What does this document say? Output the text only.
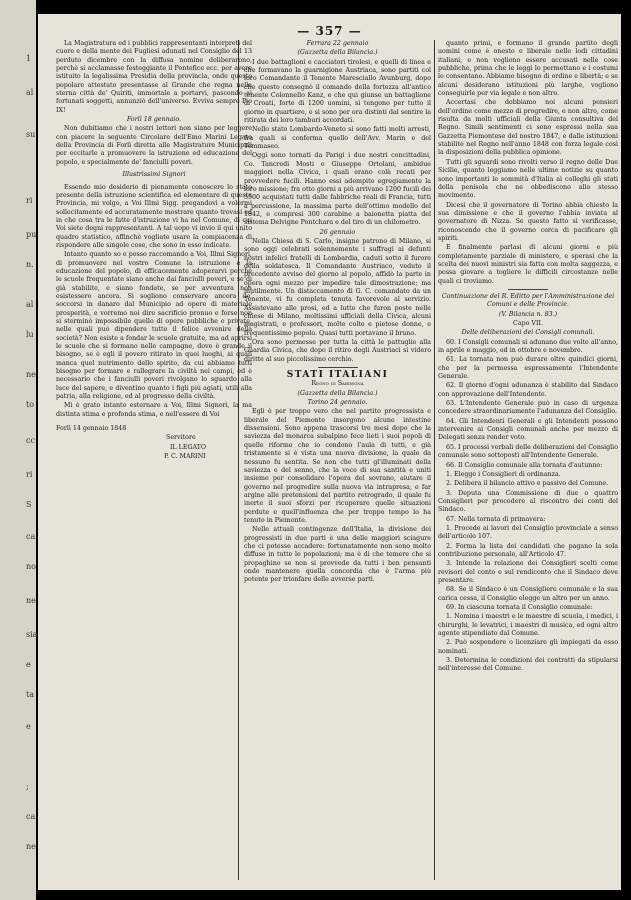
1
al
su
ri
pu
n.
al
lu
ne
to
cc
ri
S
ca
no
ne
sia
e
ta
e
;
ca
ne
— 357 —

La Magistratura ed i pubblici rappresentanti interpreti del cuore e della mente dei Fugliesi adunati nel Consiglio del 13 perduto dicembre con la diffusa nomine deliberarono, perchè si acclamasse festeggiante il Pontefice ecc. per avere istituito la legalissima Presidia della provincia, onde questo popolare attestato presentasse al Grande che regna nella sterna città de' Quiriti, immortale a portarvi, pascendo ai fortunati soggetti, annunziò dell'universo. Evviva sempre Pio IX!

Forlì 18 gennaio.

Non dubitiamo che i nostri lettori non siano per leggere con piacere la seguente Circolare dell'Emo Marini Legato della Provincia di Forlì diretta alle Magistrature Municipali per eccitarle a promuovere la istruzione ed educazione del popolo, e specialmente de' fanciulli poveri.

Illustrissimi Signori

Essendo mio desiderio di pienamente conoscere lo stato presente della istruzione scientifica ed elementare di questa Provincia, mi volgo, a Voi Illmi Sigg. pregandovi a volermi sollecitamente ed accuratamente mostrare quanto trovasi ed in che cosa tra le fatte d'istruzione vi ha nel Comune, di cui Voi siete degni rappresentanti. A tal uopo vi invio il qui unito quadro statistico, affinchè vogliate usare la compiacenza di rispondere alle singole cose, che sono in esso indicate.

Intanto quanto so e posso raccomando a Voi, Illmi Signori, di promuovere nel vostro Comune la istruzione e la educazione del popolo, di efficacemente adoperarvi perchè le scuole frequentate siano anche dai fanciulli poveri, e se di già stabilite, e siano fondate, se per avventura non esistessero ancora. Si sogliono conservare ancora de' soccorsi in danaro dal Municipio ad opere di materiale prosperità, e vorremo noi dire sacrificio pronuo e forse non si sterminò impossibile quello di opere pubbliche e private, nelle quali può dipendere tutto il felice avvenire della società? Non esiste a fondar le scuole gratuite, ma ad aprirsi le scuole che si formano nelle campagne, dove è grande il bisogno, se è egli il povero ritirato in quei luoghi, ai quali manca quel nutrimento dello spirito, da cui abbiamo tutti bisogno per formare e rallegrare la civiltà nei campi, ed è necessario che i fanciulli poveri rivolgano lo sguardo alla luce del sapere, e diventino quanto i figli più agiati, utili alla patria, alla religione, ed al progresso della civiltà.

Mi è grato intanto esternare a Voi, Illmi Signori, la ma distinta stima e profonda stima, e nell'essere di Voi

Forlì 14 gennaio 1848

Servitore

IL LEGATO

P. C. MARINI

Ferrara 22 gennaio

(Gazzetta della Bilancia.)

I due battaglioni e cacciatori tirolesi, e quelli di linea e che formavano la guarnigione Austriaca, sono partiti col loro Comandante il Tenente Maresciallo Avunburg, dopo che questo consegnò il comando della fortezza all'antico tenente Colonnello Kanz, e che qui giunse un battaglione di Croati, forte di 1200 uomini, si tengono per tutto il giorno in quartiere, e si sono per ora distinti dal sentire la ritirata dei loro tamburi accordati.

Nello stato Lombardo-Veneto si sono fatti molti arresti, fra quali si conferma quello dell'Avv. Marin e del Tommaseo.

Oggi sono tornati da Parigi i due nostri concittadini, Co. Tancredi Mosti e Giuseppe Ortolani, ambidue maggiori nella Civica, i quali erano colà recati per provvedere fucili. Hanno essi adempito egregiamente la loro missione; fra otto giorni a più arrivano 1200 fucili dei 3500 acquistati tutti dalle fabbriche reali di Francia, tutti a percussione, la massima parte dell'ottimo modello del 1842, e compresi 300 carabine a baionetta piatta del sistema Delvigne Pontchara e del tiro di un chilometro.

26 gennaio

Nella Chiesa di S. Carlo, insigne patrono di Milano, si sono oggi celebrati solennemente i suffragi ai defunti nostri infelici fratelli di Lombardia, caduti sotto il furore della soldatesca. Il Comandante Austriaco, veduto il precedente avviso del giorno al popolo, affidò la parte in opera ogni mezzo per impedire tale dimostrazione; ma inutilmente. Un distaccamento di G. C. comandato da un Tenente, vi fu completa tenuta favorevole al servizio. Assistevano alle prosi, ed a lutto che furon poste nelle chiese di Milano, moltissimi ufficiali della Civica, alcuni magistrati, e professori, molte colte e pietose donne, e frequentissimo popolo. Quasi tutti portavano il bruno.

Ora sono permesse per tutta la città le pattuglie alla Guardia Civica, che dopo il ritiro degli Austriaci si videro diritte al suo piccolissimo cerchio.

STATI ITALIANI

Regno di Sardegna

(Gazzetta della Bilancia.)

Torino 24 gennaio.

Egli è per troppo vero che nel partito progressista e liberale del Piemonte insorgono alcune intestine dissensioni. Sono appena trascorsi tre mesi dopo che la saviezza del monarca subalpino fece lieti i suoi popoli di quelle riforme che io condono l'aula di tutti, e già tristamente si è vista una nuova divisione, la quale da nessuno fu sentita. Se non che tutti gl'illuminati della saviezza e del senno, che la voce di sua santità e uniti insieme per consolidare l'opera del sovrano, aiutare il governo nel progredire sulla nuova via intrapresa, e far argine alle pretensioni del partito retrogrado, il quale fu inerte il suoi sforzi per ricuperare quelle situazioni perdute e quell'influenza che per troppo tempo lo ha tenuto in Piemonte.

Nelle attuali contingenze dell'Italia, la divisione dei progressisti in due parti è una delle maggiori sciagure che ci potesse accadere: fortunatamente non sono molto diffuse in tutte le popolazioni; ma è di che temere che si propaghino se non si provvede da tutti i ben pensanti onde mantenere quella concordia che è l'arma più potente per trionfare delle avverse parti.

quanto primi, e formano il grande partito degli uomini come è onesto e liberale nelle lodi cittadini italiani, e non vogliono essere accusati nelle cose pubbliche, prima che le leggi lo permettano e i costumi lo consentano. Abbiamo bisogno di ordine e libertà; e se alcuni desiderano istituzioni più larghe, vogliono conseguirle per via legale e non altro.

Accertasi che dobbiamo noi alcuni pensieri dell'ordine come mezzo di progredire, e non altro, come risulta da molti ufficiali della Giunta consultiva del Regno. Simili sentimenti ci sono espressi nella sua Gazzetta Piemontese del nostro 1847, e dalle istituzioni stabilite nel Regno nell'anno 1848 con forza legale così la disposizioni della pubblica opinione.

Tutti gli sguardi sono rivolti verso il regno delle Due Sicilie, quanto leggiamo nelle ultime notizie su quanto sono importanti le sommità d'Italia ai colleghi gli stati della penisola che ne obbediscono allo stesso movimento.

Dicesi che il governatore di Torino abbia chiesto la sua dimissione e che il governo l'abbia inviata al governatore di Nizza. Se questo fatto si verificasse, riconoscendo che il governo cerca di pacificare gli spiriti.

E finalmente parlasi di alcuni giorni e più completamente parziale di ministero, e sperasi che la scelta dei nuovi ministri sia fatta con molta saggezza, e possa giovare a togliere le difficili circostanze nelle quali ci troviamo.

Continuazione del R. Editto per l'Amministrazione dei Comuni e delle Provincie.

(V. Bilancia n. 83.)

Capo VII.

Delle deliberazioni dei Consigli comunali.

60. I Consigli comunali si adunano due volte all'anno, in aprile e maggio, ed in ottobre e novembre.

61. La tornata non può durare oltre quindici giorni, che per la permessa espressamente l'Intendente Generale.

62. Il giorno d'ogni adunanza è stabilito dal Sindaco con approvazione dell'Intendente.

63. L'Intendente Generale può in caso di urgenza concedere straordinariamente l'adunanza del Consiglio.

64. Gli Intendenti Generali e gli Intendenti possono intervenire ai Consigli comunali anche per mezzo di Delegati senza render voto.

65. I processi verbali delle deliberazioni del Consiglio comunale sono sottoposti all'Intendente Generale.

66. Il Consiglio comunale alla tornata d'autunno:

1. Elegge i Consiglieri di ordinanza.

2. Delibera il bilancio attivo e passivo del Comune.

3. Deputa una Commissione di due o quattro Consiglieri per procedere al riscontro dei conti del Sindaco.

67. Nella tornata di primavera:

1. Procede ai lavori del Consiglio provinciale a senso dell'articolo 107.

2. Forma la lista dei candidati che pagano la sola contribuzione personale, all'Articolo 47.

3. Intende la relazione dei Consiglieri scelti come revisori del conto e sul rendiconto che il Sindaco deve presentare.

68. Se il Sindaco è un Consigliere comunale e la sua carica cessa, il Consiglio elegge un altro per un anno.

69. In ciascuna tornata il Consiglio comunale:

1. Nomina i maestri e le maestre di scuola, i medici, i chirurghi, le levatrici, i maestri di musica, ed ogni altro agente stipendiato dal Comune.

2. Può sospendere o licenziare gli impiegati da esso nominati.

3. Determina le condizioni dei contratti da stipularsi nell'interesse del Comune.
